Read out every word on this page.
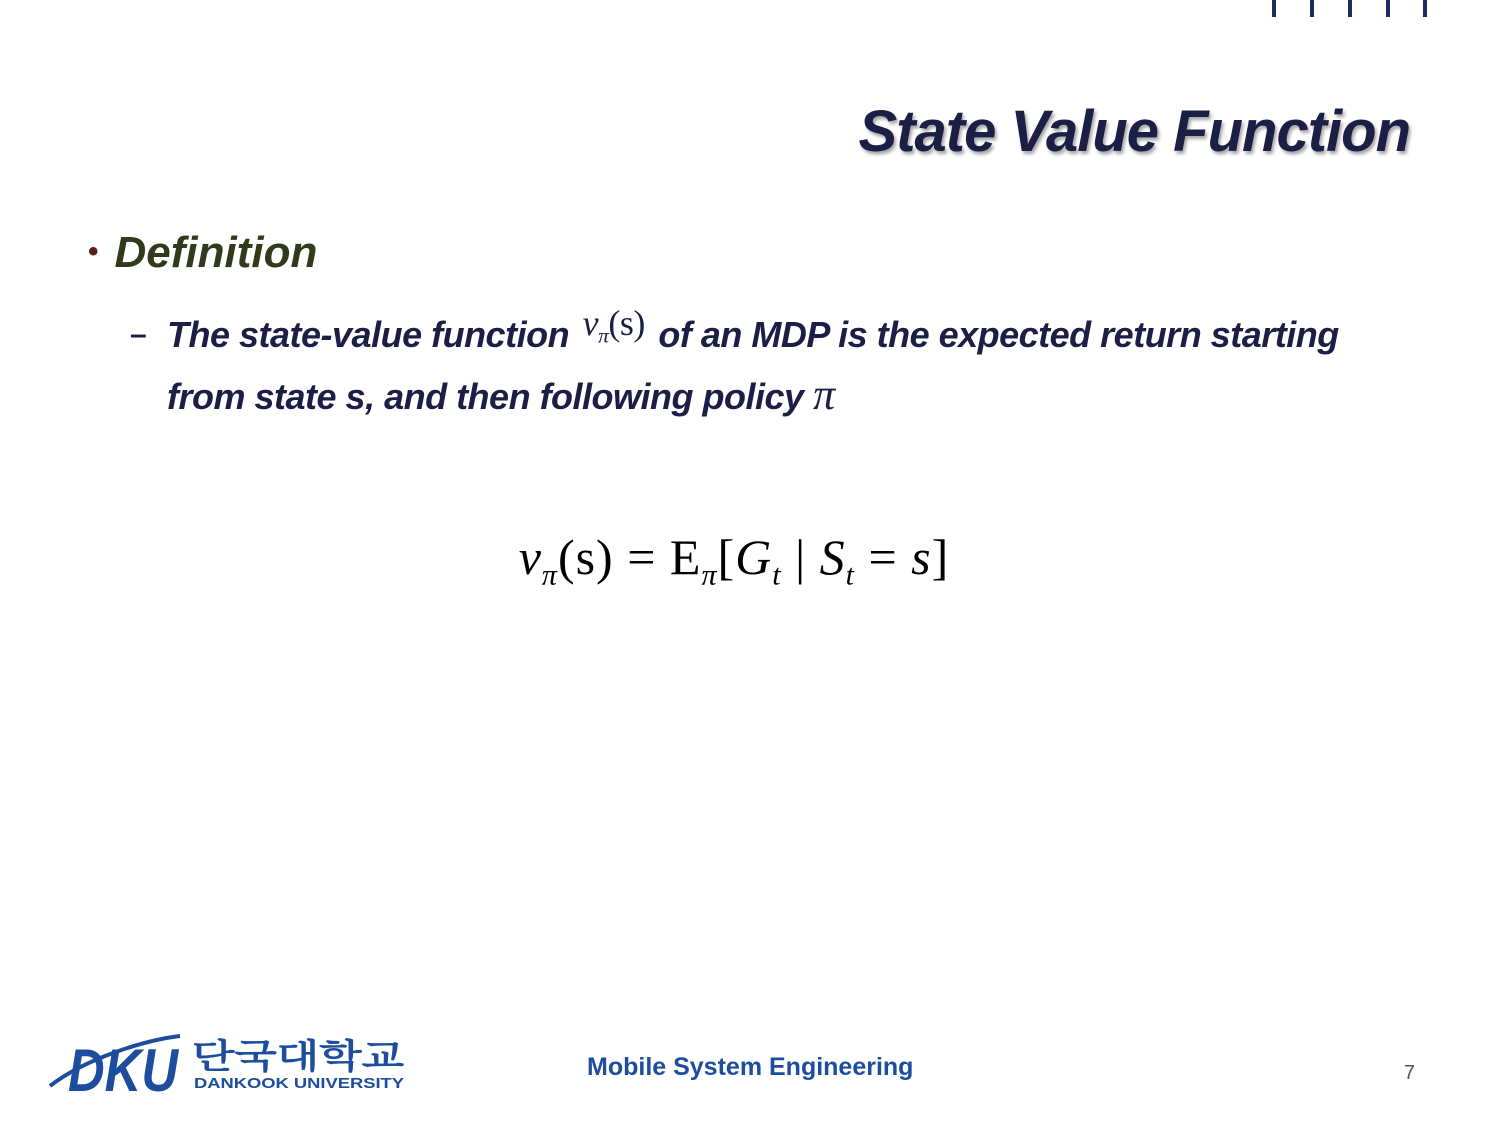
State Value Function
• Definition
– The state-value function $v_\pi(s)$ of an MDP is the expected return starting from state s, and then following policy π
$v_\pi(s) = E_\pi[G_t$ | $S_t = s$]
DKU 단국대학교
DANKOOK UNIVERSITY
Mobile System Engineering	7
